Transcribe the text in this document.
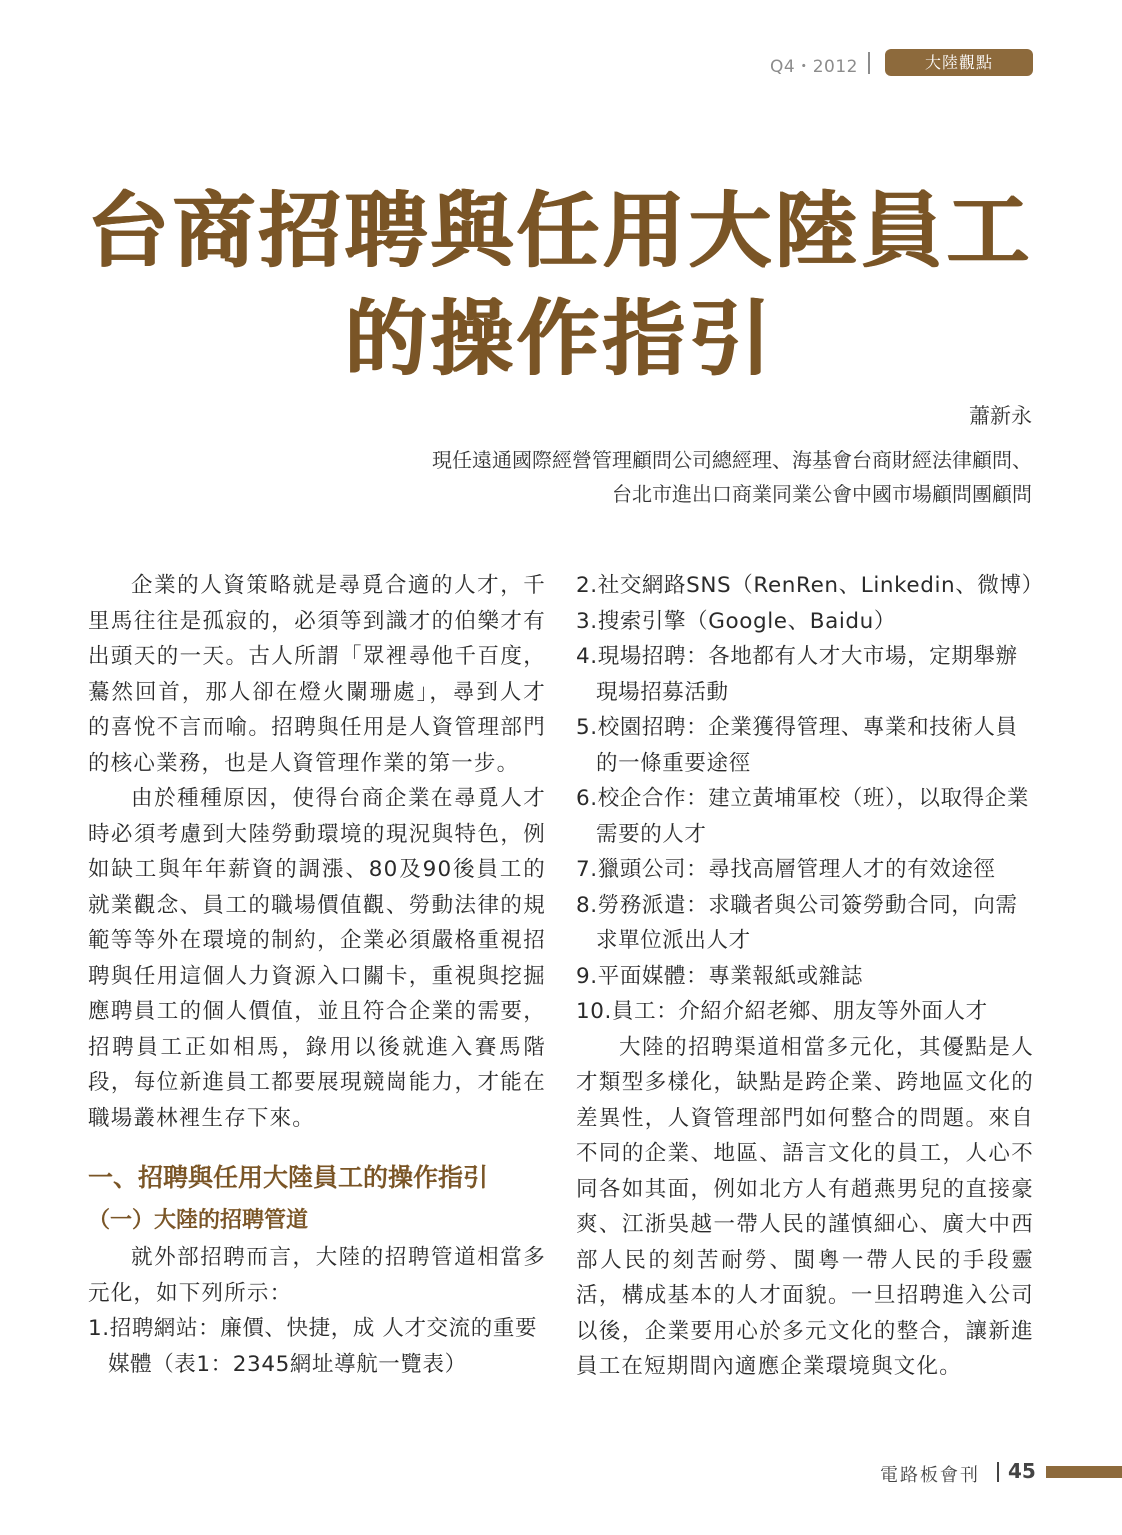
Q4・2012	大陸觀點
台商招聘與任用大陸員工
的操作指引
蕭新永
現任遠通國際經營管理顧問公司總經理、海基會台商財經法律顧問、
台北市進出口商業同業公會中國市場顧問團顧問

企業的人資策略就是尋覓合適的人才，千里馬往往是孤寂的，必須等到識才的伯樂才有出頭天的一天。古人所謂「眾裡尋他千百度，驀然回首，那人卻在燈火闌珊處」，尋到人才的喜悅不言而喻。招聘與任用是人資管理部門的核心業務，也是人資管理作業的第一步。

由於種種原因，使得台商企業在尋覓人才時必須考慮到大陸勞動環境的現況與特色，例如缺工與年年薪資的調漲、80及90後員工的就業觀念、員工的職場價值觀、勞動法律的規範等等外在環境的制約，企業必須嚴格重視招聘與任用這個人力資源入口關卡，重視與挖掘應聘員工的個人價值，並且符合企業的需要，招聘員工正如相馬，錄用以後就進入賽馬階段，每位新進員工都要展現競崗能力，才能在職場叢林裡生存下來。

一、招聘與任用大陸員工的操作指引
（一）大陸的招聘管道

就外部招聘而言，大陸的招聘管道相當多元化，如下列所示：

1.招聘網站：廉價、快捷，成 人才交流的重要媒體（表1：2345網址導航一覽表）
2.社交網路SNS（RenRen、Linkedin、微博）
3.搜索引擎（Google、Baidu）
4.現場招聘：各地都有人才大市場，定期舉辦現場招募活動
5.校園招聘：企業獲得管理、專業和技術人員的一條重要途徑
6.校企合作：建立黃埔軍校（班），以取得企業需要的人才
7.獵頭公司：尋找高層管理人才的有效途徑
8.勞務派遣：求職者與公司簽勞動合同，向需求單位派出人才
9.平面媒體：專業報紙或雜誌
10.員工：介紹介紹老鄉、朋友等外面人才

大陸的招聘渠道相當多元化，其優點是人才類型多樣化，缺點是跨企業、跨地區文化的差異性，人資管理部門如何整合的問題。來自不同的企業、地區、語言文化的員工，人心不同各如其面，例如北方人有趙燕男兒的直接豪爽、江浙吳越一帶人民的謹慎細心、廣大中西部人民的刻苦耐勞、閩粵一帶人民的手段靈活，構成基本的人才面貌。一旦招聘進入公司以後，企業要用心於多元文化的整合，讓新進員工在短期間內適應企業環境與文化。

電路板會刊 45
